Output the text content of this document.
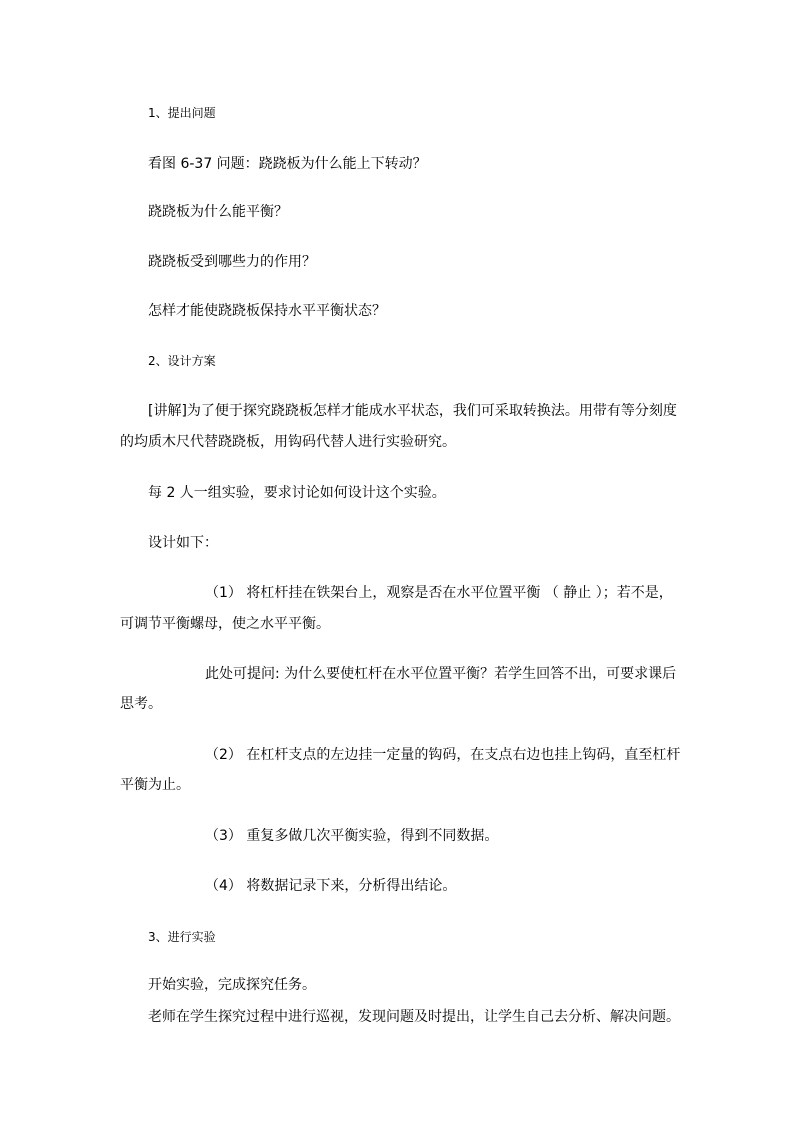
1、提出问题
看图 6-37 问题：跷跷板为什么能上下转动？
跷跷板为什么能平衡？
跷跷板受到哪些力的作用？
怎样才能使跷跷板保持水平平衡状态？
2、设计方案
[讲解]为了便于探究跷跷板怎样才能成水平状态，我们可采取转换法。用带有等分刻度
的均质木尺代替跷跷板，用钩码代替人进行实验研究。
每 2 人一组实验，要求讨论如何设计这个实验。
设计如下：
（1） 将杠杆挂在铁架台上，观察是否在水平位置平衡 （ 静止 ）；若不是，
可调节平衡螺母，使之水平平衡。
此处可提问: 为什么要使杠杆在水平位置平衡？若学生回答不出，可要求课后
思考。
（2） 在杠杆支点的左边挂一定量的钩码，在支点右边也挂上钩码，直至杠杆
平衡为止。
（3） 重复多做几次平衡实验，得到不同数据。
（4） 将数据记录下来，分析得出结论。
3、进行实验
开始实验，完成探究任务。
老师在学生探究过程中进行巡视，发现问题及时提出，让学生自己去分析、解决问题。
